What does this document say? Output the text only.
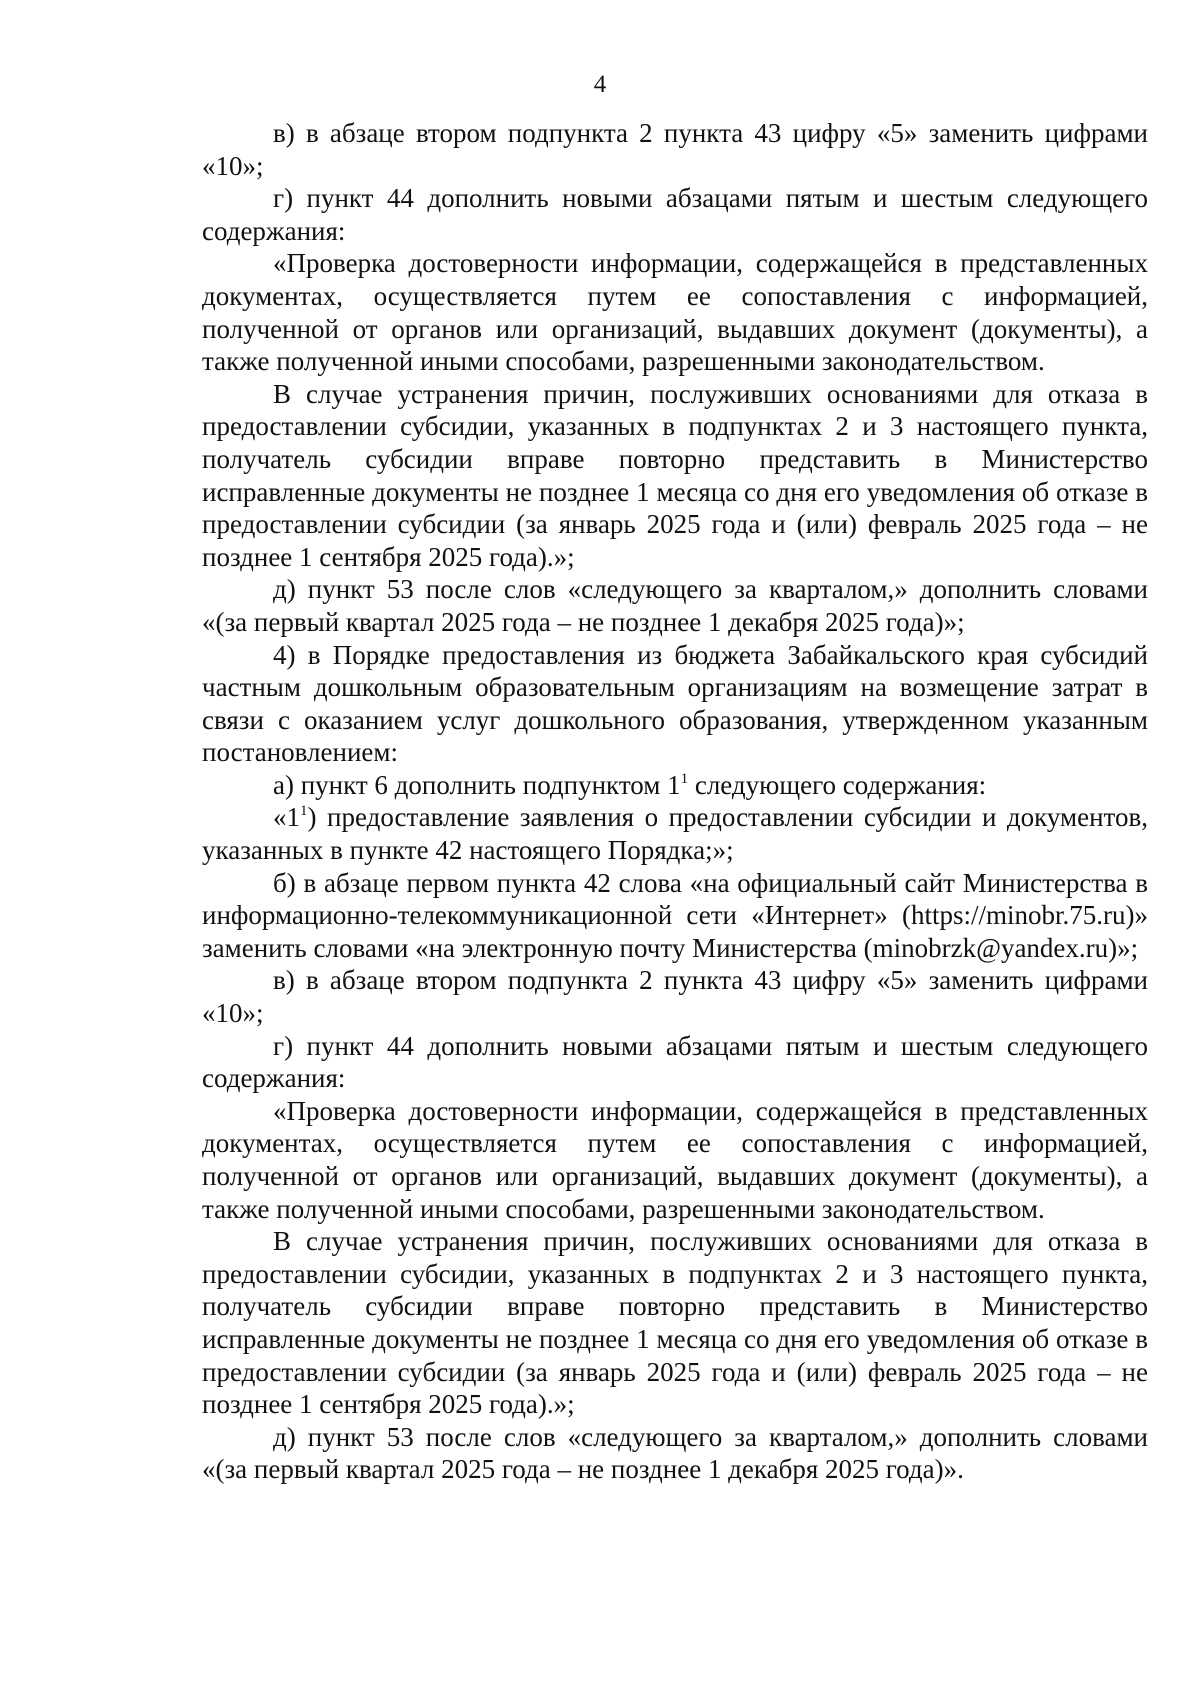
4

в) в абзаце втором подпункта 2 пункта 43 цифру «5» заменить цифрами «10»;

г) пункт 44 дополнить новыми абзацами пятым и шестым следующего содержания:

«Проверка достоверности информации, содержащейся в представленных документах, осуществляется путем ее сопоставления с информацией, полученной от органов или организаций, выдавших документ (документы), а также полученной иными способами, разрешенными законодательством.

В случае устранения причин, послуживших основаниями для отказа в предоставлении субсидии, указанных в подпунктах 2 и 3 настоящего пункта, получатель субсидии вправе повторно представить в Министерство исправленные документы не позднее 1 месяца со дня его уведомления об отказе в предоставлении субсидии (за январь 2025 года и (или) февраль 2025 года – не позднее 1 сентября 2025 года).»;

д) пункт 53 после слов «следующего за кварталом,» дополнить словами «(за первый квартал 2025 года – не позднее 1 декабря 2025 года)»;

4) в Порядке предоставления из бюджета Забайкальского края субсидий частным дошкольным образовательным организациям на возмещение затрат в связи с оказанием услуг дошкольного образования, утвержденном указанным постановлением:

а) пункт 6 дополнить подпунктом $1^1$ следующего содержания:

«$1^1$) предоставление заявления о предоставлении субсидии и документов, указанных в пункте 42 настоящего Порядка;»;

б) в абзаце первом пункта 42 слова «на официальный сайт Министерства в информационно-телекоммуникационной сети «Интернет» (https://minobr.75.ru)» заменить словами «на электронную почту Министерства (minobrzk@yandex.ru)»;

в) в абзаце втором подпункта 2 пункта 43 цифру «5» заменить цифрами «10»;

г) пункт 44 дополнить новыми абзацами пятым и шестым следующего содержания:

«Проверка достоверности информации, содержащейся в представленных документах, осуществляется путем ее сопоставления с информацией, полученной от органов или организаций, выдавших документ (документы), а также полученной иными способами, разрешенными законодательством.

В случае устранения причин, послуживших основаниями для отказа в предоставлении субсидии, указанных в подпунктах 2 и 3 настоящего пункта, получатель субсидии вправе повторно представить в Министерство исправленные документы не позднее 1 месяца со дня его уведомления об отказе в предоставлении субсидии (за январь 2025 года и (или) февраль 2025 года – не позднее 1 сентября 2025 года).»;

д) пункт 53 после слов «следующего за кварталом,» дополнить словами «(за первый квартал 2025 года – не позднее 1 декабря 2025 года)».
